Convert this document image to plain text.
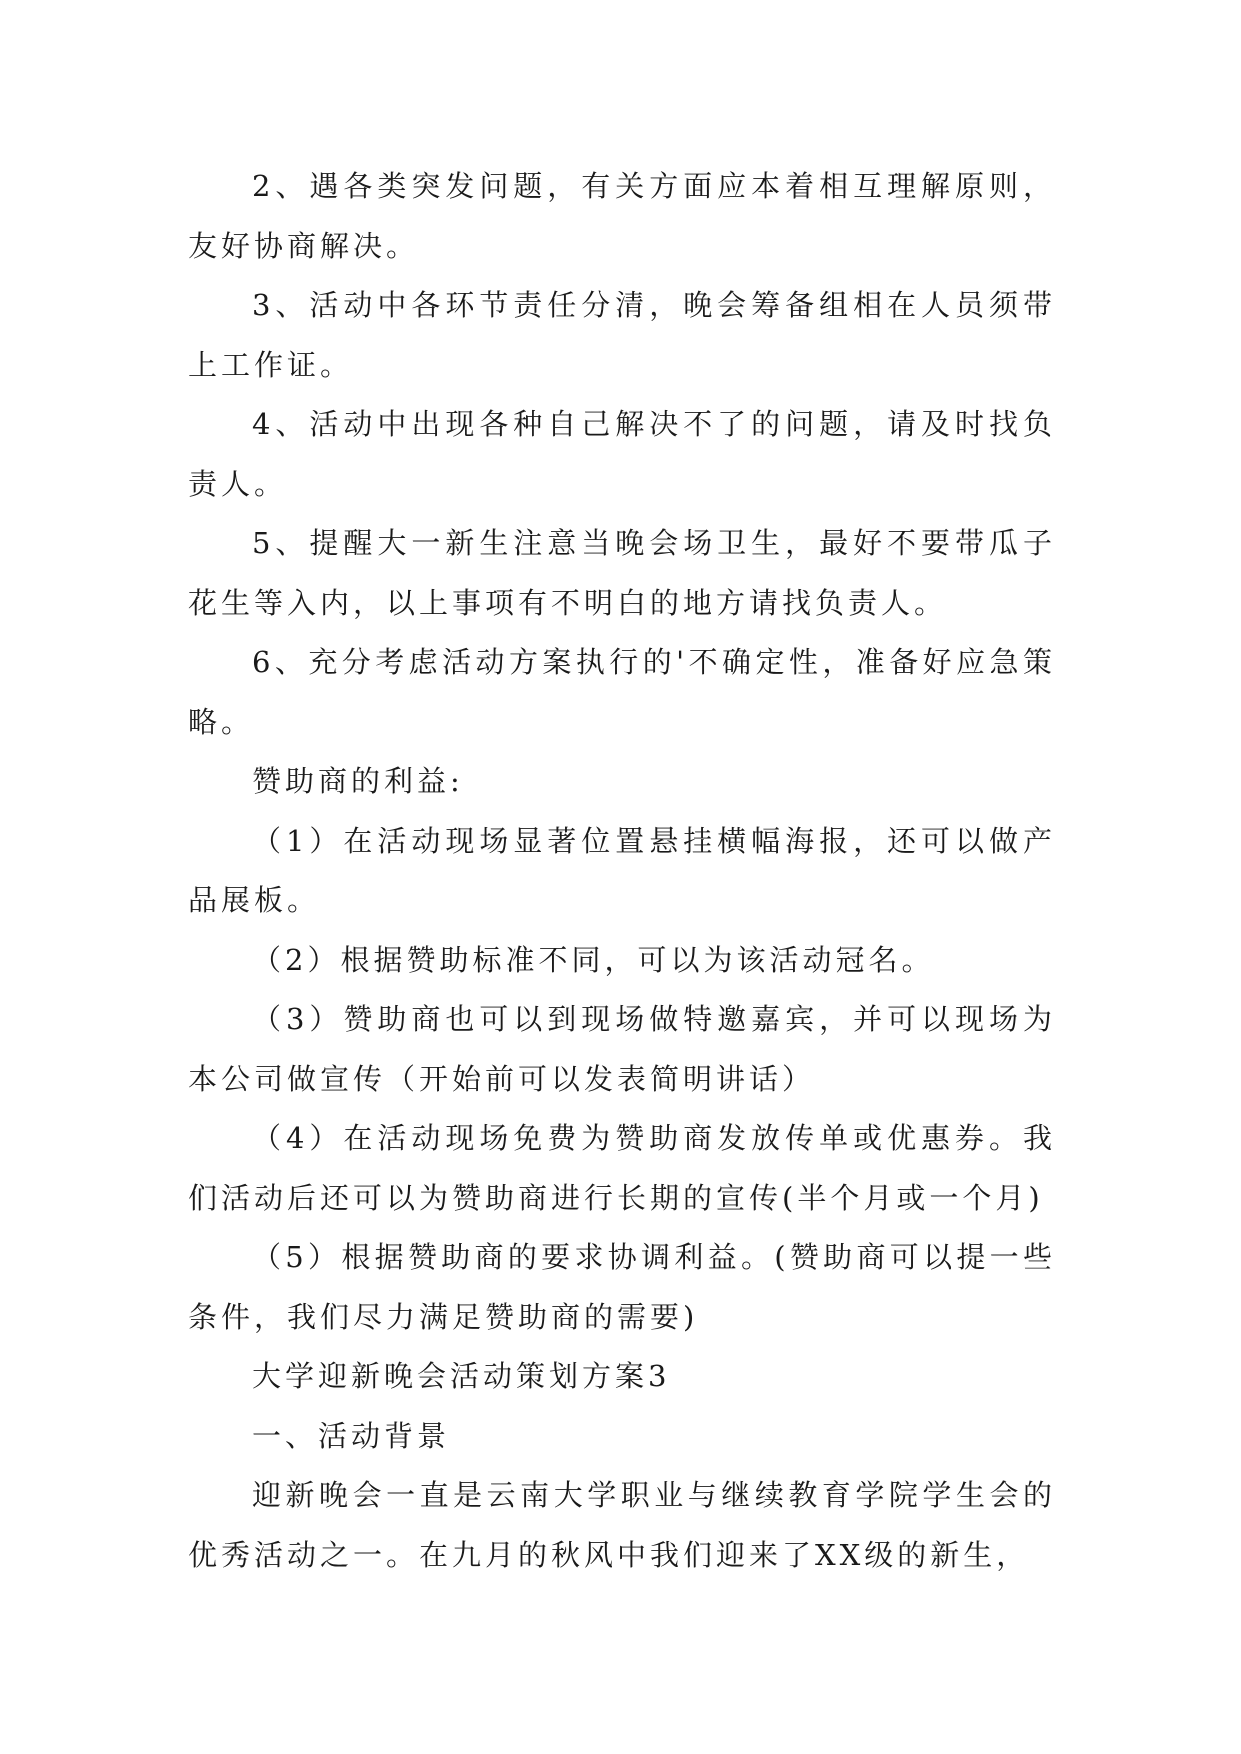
2、遇各类突发问题，有关方面应本着相互理解原则，友好协商解决。

3、活动中各环节责任分清，晚会筹备组相在人员须带上工作证。

4、活动中出现各种自己解决不了的问题，请及时找负责人。

5、提醒大一新生注意当晚会场卫生，最好不要带瓜子花生等入内，以上事项有不明白的地方请找负责人。

6、充分考虑活动方案执行的'不确定性，准备好应急策略。

赞助商的利益:

（1）在活动现场显著位置悬挂横幅海报，还可以做产品展板。

（2）根据赞助标准不同，可以为该活动冠名。

（3）赞助商也可以到现场做特邀嘉宾，并可以现场为本公司做宣传（开始前可以发表简明讲话）

（4）在活动现场免费为赞助商发放传单或优惠券。我们活动后还可以为赞助商进行长期的宣传(半个月或一个月)

（5）根据赞助商的要求协调利益。(赞助商可以提一些条件，我们尽力满足赞助商的需要)

大学迎新晚会活动策划方案3

一、活动背景

迎新晚会一直是云南大学职业与继续教育学院学生会的优秀活动之一。在九月的秋风中我们迎来了XX级的新生，
